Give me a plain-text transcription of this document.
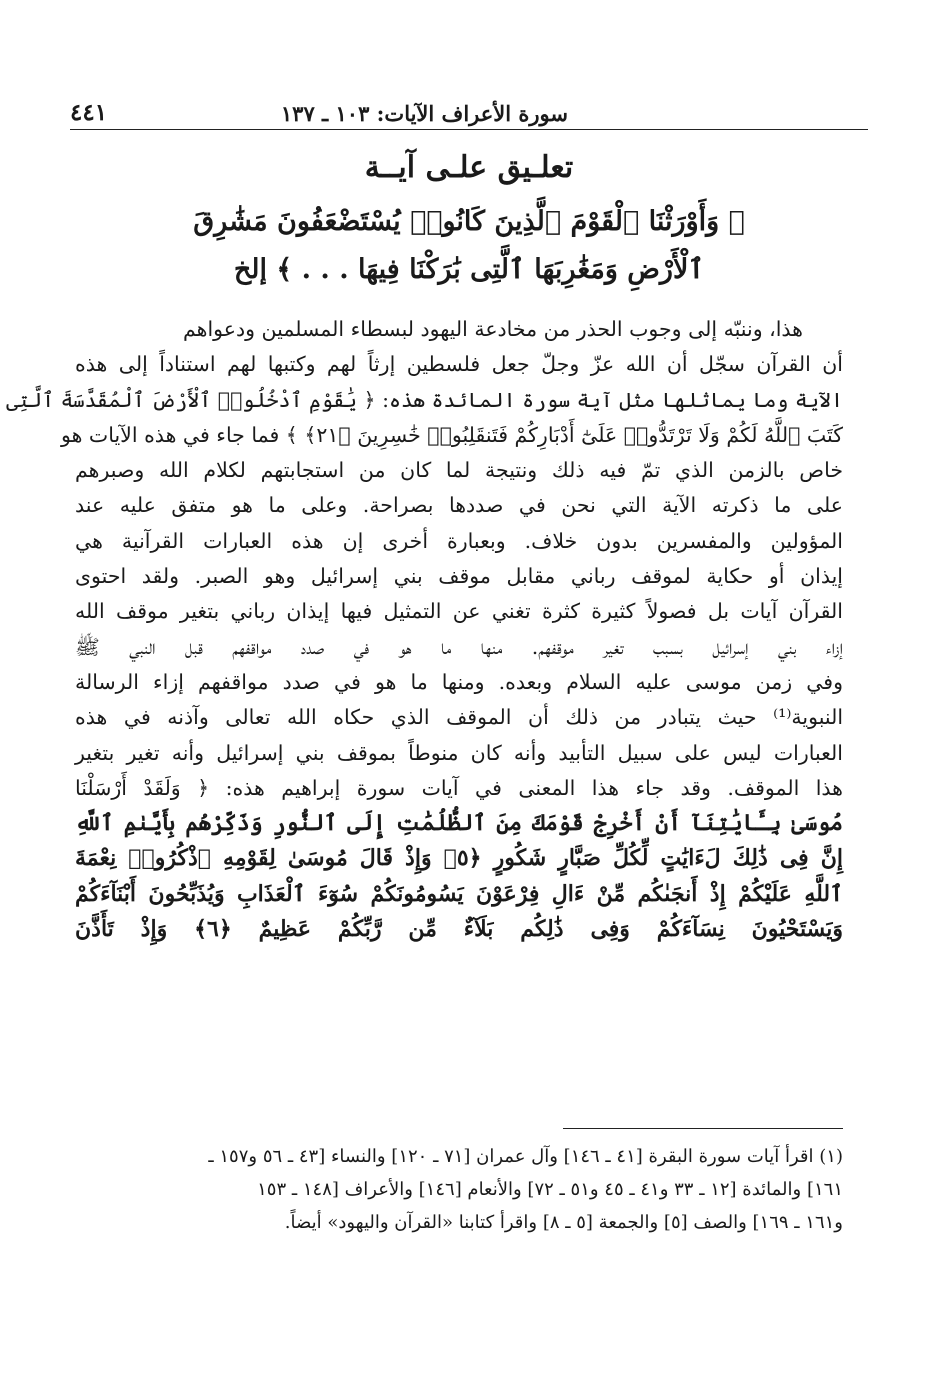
سورة الأعراف الآيات: ١٠٣ ـ ١٣٧
٤٤١
تعلـيق علـى آيــة
﴿ وَأَوْرَثْنَا ٱلْقَوْمَ ٱلَّذِينَ كَانُوا۟ يُسْتَضْعَفُونَ مَشَٰرِقَ
ٱلْأَرْضِ وَمَغَٰرِبَهَا ٱلَّتِى بَٰرَكْنَا فِيهَا . . . ﴾ إلخ
هذا، وننبّه إلى وجوب الحذر من مخادعة اليهود لبسطاء المسلمين ودعواهم
أن القرآن سجّل أن الله عزّ وجلّ جعل فلسطين إرثاً لهم وكتبها لهم استناداً إلى هذه
الآية وما يماثلها مثل آية سورة المائدة هذه: ﴿ يَٰقَوْمِ ٱدْخُلُوا۟ ٱلْأَرْضَ ٱلْمُقَدَّسَةَ ٱلَّتِى
كَتَبَ ٱللَّهُ لَكُمْ وَلَا تَرْتَدُّوا۟ عَلَىٰٓ أَدْبَارِكُمْ فَتَنقَلِبُوا۟ خَٰسِرِينَ ﴿٢١﴾ ﴾ فما جاء في هذه الآيات هو
خاص بالزمن الذي تمّ فيه ذلك ونتيجة لما كان من استجابتهم لكلام الله وصبرهم
على ما ذكرته الآية التي نحن في صددها بصراحة. وعلى ما هو متفق عليه عند
المؤولين والمفسرين بدون خلاف. وبعبارة أخرى إن هذه العبارات القرآنية هي
إيذان أو حكاية لموقف رباني مقابل موقف بني إسرائيل وهو الصبر. ولقد احتوى
القرآن آيات بل فصولاً كثيرة كثرة تغني عن التمثيل فيها إيذان رباني بتغير موقف الله
إزاء بني إسرائيل بسبب تغير موقفهم. منها ما هو في صدد مواقفهم قبل النبي ﷺ
وفي زمن موسى عليه السلام وبعده. ومنها ما هو في صدد مواقفهم إزاء الرسالة
النبوية⁽¹⁾ حيث يتبادر من ذلك أن الموقف الذي حكاه الله تعالى وآذنه في هذه
العبارات ليس على سبيل التأبيد وأنه كان منوطاً بموقف بني إسرائيل وأنه تغير بتغير
هذا الموقف. وقد جاء هذا المعنى في آيات سورة إبراهيم هذه: ﴿ وَلَقَدْ أَرْسَلْنَا
مُوسَىٰ بِـَٔايَٰتِنَآ أَنْ أَخْرِجْ قَوْمَكَ مِنَ ٱلظُّلُمَٰتِ إِلَى ٱلنُّورِ وَذَكِّرْهُم بِأَيَّىٰمِ ٱللَّهِ
إِنَّ فِى ذَٰلِكَ لَءَايَٰتٍ لِّكُلِّ صَبَّارٍ شَكُورٍ ﴿٥﴾ وَإِذْ قَالَ مُوسَىٰ لِقَوْمِهِ ٱذْكُرُوا۟ نِعْمَةَ
ٱللَّهِ عَلَيْكُمْ إِذْ أَنجَىٰكُم مِّنْ ءَالِ فِرْعَوْنَ يَسُومُونَكُمْ سُوٓءَ ٱلْعَذَابِ وَيُذَبِّحُونَ أَبْنَآءَكُمْ
وَيَسْتَحْيُونَ نِسَآءَكُمْ وَفِى ذَٰلِكُم بَلَآءٌ مِّن رَّبِّكُمْ عَظِيمٌ ﴿٦﴾ وَإِذْ تَأَذَّنَ
(١) اقرأ آيات سورة البقرة [٤١ ـ ١٤٦] وآل عمران [٧١ ـ ١٢٠] والنساء [٤٣ ـ ٥٦ و١٥٧ ـ
١٦١] والمائدة [١٢ ـ ٣٣ و٤١ ـ ٤٥ و٥١ ـ ٧٢] والأنعام [١٤٦] والأعراف [١٤٨ ـ ١٥٣
و١٦١ ـ ١٦٩] والصف [٥] والجمعة [٥ ـ ٨] واقرأ كتابنا «القرآن واليهود» أيضاً.
